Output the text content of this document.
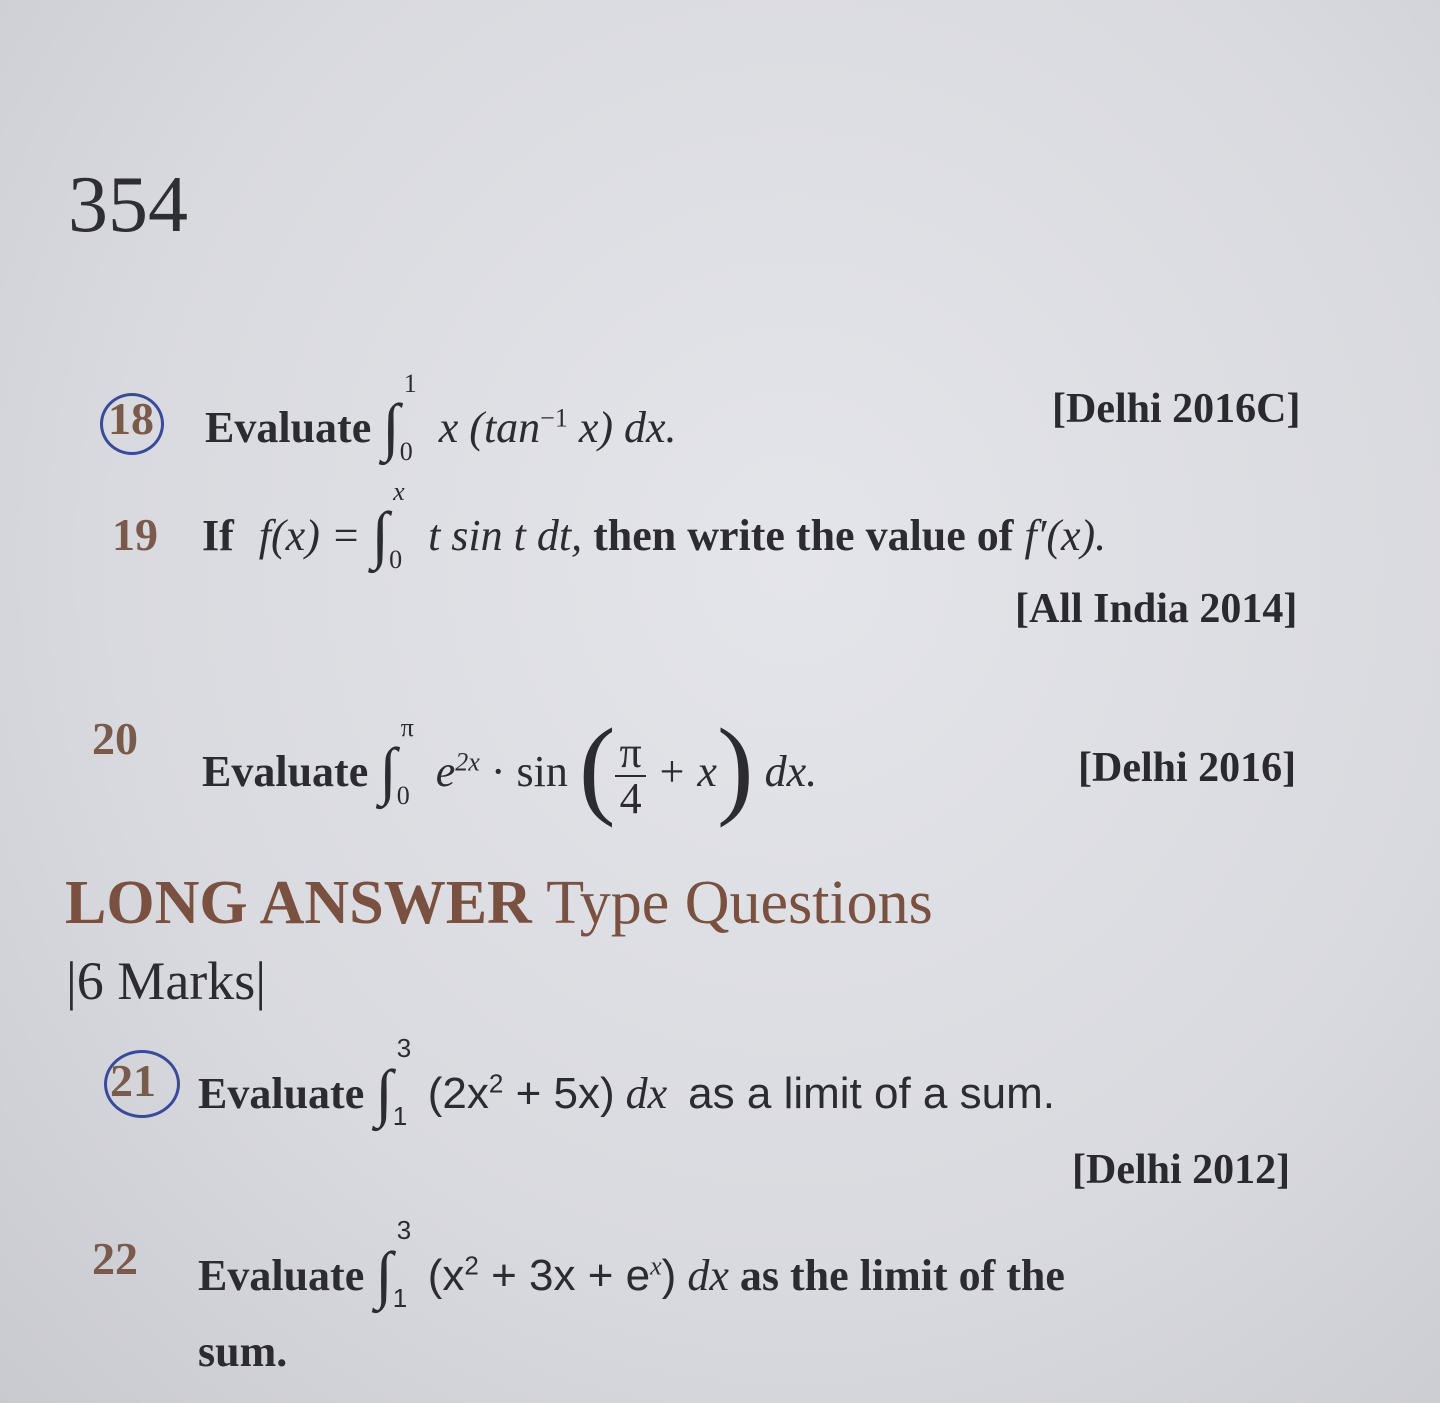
354
18 Evaluate ∫
1
0 x ($\tan^{-1}$ x) dx.	[Delhi 2016C]
19 If f(x) = ∫
x
0 t sin t dt, then write the value of f′(x).
[All India 2014]
20
Evaluate ∫
π
0 $e^{2x} \cdot \sin$ ( $\frac{\pi}{4} + x$) dx.	[Delhi 2016]
LONG ANSWER Type Questions
|6 Marks|
21 Evaluate ∫
3
1 $(2x^2 + 5x)$ dx as a limit of a sum.
[Delhi 2012]
22 Evaluate ∫
3
1 $(x^2 + 3x + e^x)$ dx as the limit of the
sum.
